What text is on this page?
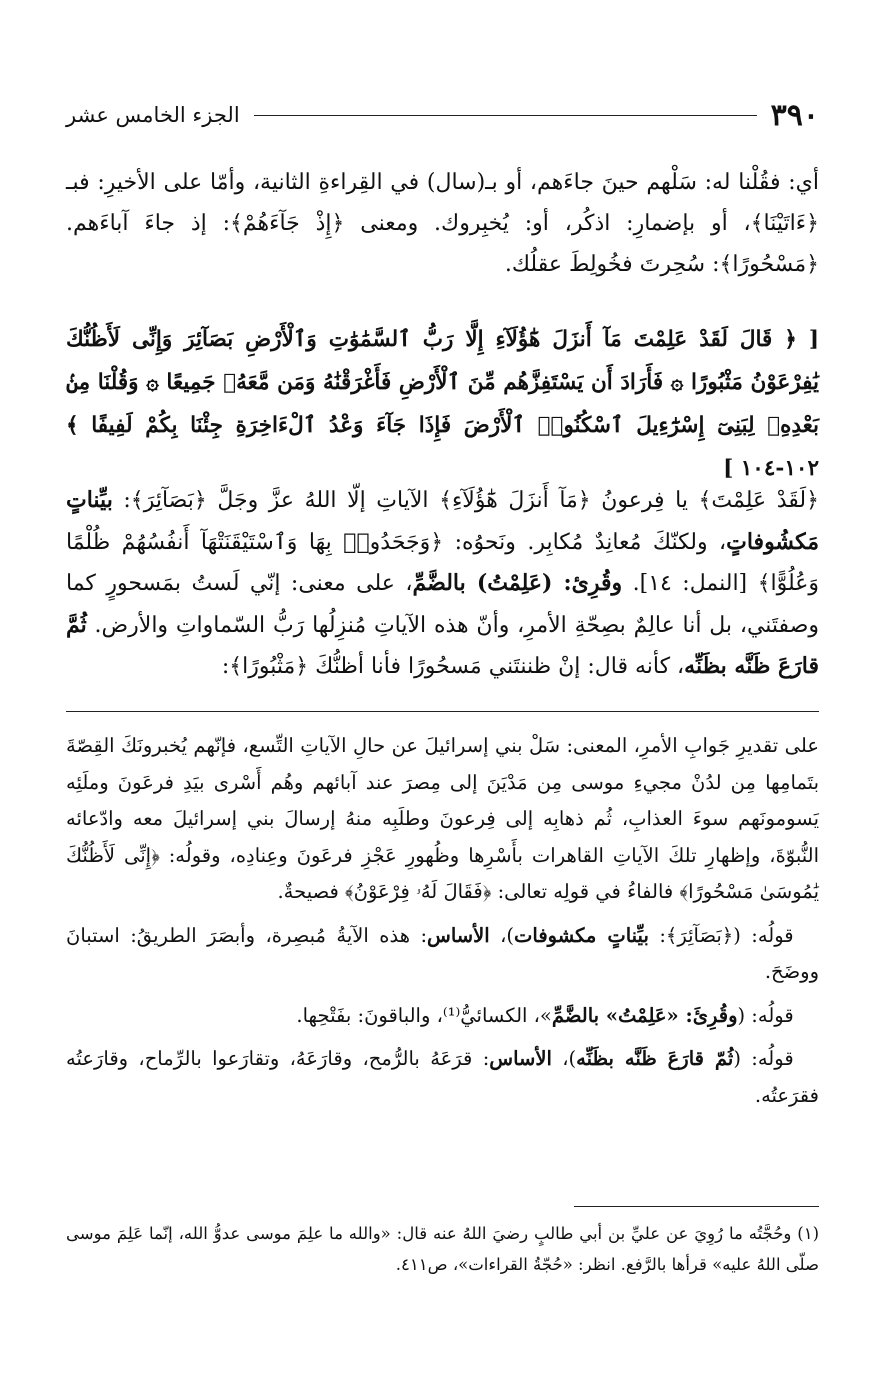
٣٩٠
الجزء الخامس عشر

أي: فقُلْنا له: سَلْهم حينَ جاءَهم، أو بـ(سال) في القِراءةِ الثانية، وأمّا على الأخيرِ: فبـ ﴿ءَاتَيْنَا﴾، أو بإضمارِ: اذكُر، أو: يُخبِروك. ومعنى ﴿إِذْ جَآءَهُمْ﴾: إذ جاءَ آباءَهم. ﴿مَسْحُورًا﴾: سُحِرتَ فخُولِطَ عقلُك.

[ ﴿ قَالَ لَقَدْ عَلِمْتَ مَآ أَنزَلَ هَٰٓؤُلَآءِ إِلَّا رَبُّ ٱلسَّمَٰوَٰتِ وَٱلْأَرْضِ بَصَآئِرَ وَإِنِّى لَأَظُنُّكَ يَٰفِرْعَوْنُ مَثْبُورًا ۞ فَأَرَادَ أَن يَسْتَفِزَّهُم مِّنَ ٱلْأَرْضِ فَأَغْرَقْنَٰهُ وَمَن مَّعَهُۥ جَمِيعًا ۞ وَقُلْنَا مِنۢ بَعْدِهِۦ لِبَنِىٓ إِسْرَٰٓءِيلَ ٱسْكُنُوا۟ ٱلْأَرْضَ فَإِذَا جَآءَ وَعْدُ ٱلْءَاخِرَةِ جِئْنَا بِكُمْ لَفِيفًا ﴾ ١٠٢-١٠٤ ]

﴿لَقَدْ عَلِمْتَ﴾ يا فِرعونُ ﴿مَآ أَنزَلَ هَٰٓؤُلَآءِ﴾ الآياتِ إلّا اللهُ عزَّ وجَلَّ ﴿بَصَآئِرَ﴾: بيِّناتٍ مَكشُوفاتٍ، ولكنّكَ مُعانِدٌ مُكابِر. ونَحوُه: ﴿وَجَحَدُوا۟ بِهَا وَٱسْتَيْقَنَتْهَآ أَنفُسُهُمْ ظُلْمًا وَعُلُوًّا﴾ [النمل: ١٤]. وقُرِئ: (عَلِمْتُ) بالضَّمِّ، على معنى: إنّي لَستُ بمَسحورٍ كما وصفتَني، بل أنا عالِمٌ بصِحّةِ الأمرِ، وأنّ هذه الآياتِ مُنزِلُها رَبُّ السّماواتِ والأرض. ثُمَّ قارَعَ ظَنَّه بظَنِّه، كأنه قال: إنْ ظننتَني مَسحُورًا فأنا أظنُّكَ ﴿مَثْبُورًا﴾:

على تقديرِ جَوابِ الأمرِ، المعنى: سَلْ بني إسرائيلَ عن حالِ الآياتِ التِّسع، فإنّهم يُخبرونَكَ القِصّةَ بتَمامِها مِن لدُنْ مجيءِ موسى مِن مَدْيَنَ إلى مِصرَ عند آبائهم وهُم أَسْرى بيَدِ فرعَونَ وملَئِه يَسومونَهم سوءَ العذابِ، ثُم ذهابِه إلى فِرعونَ وطلَبِه منهُ إرسالَ بني إسرائيلَ معه وادّعائه النُّبوّةَ، وإظهارِ تلكَ الآياتِ القاهرات بأَسْرِها وظُهورِ عَجْزِ فرعَونَ وعِنادِه، وقولُه: ﴿إِنِّى لَأَظُنُّكَ يَٰمُوسَىٰ مَسْحُورًا﴾ فالفاءُ في قولِه تعالى: ﴿فَقَالَ لَهُۥ فِرْعَوْنُ﴾ فصيحةٌ.

قولُه: (﴿بَصَآئِرَ﴾: بيِّناتٍ مكشوفات)، الأساس: هذه الآيةُ مُبصِرة، وأبصَرَ الطريقُ: استبانَ ووضَحَ.

قولُه: (وقُرِئَ: «عَلِمْتُ» بالضَّمِّ»، الكسائيُّ⁽¹⁾، والباقونَ: بفَتْحِها.

قولُه: (ثُمّ قارَعَ ظَنَّه بظَنِّه)، الأساس: قرَعَهُ بالرُّمح، وقارَعَهُ، وتقارَعوا بالرِّماح، وقارَعتُه فقرَعتُه.

(١) وحُجَّتُه ما رُوِيَ عن عليِّ بن أبي طالبٍ رضيَ اللهُ عنه قال: «والله ما علِمَ موسى عدوُّ الله، إنّما عَلِمَ موسى صلّى اللهُ عليه» قرأها بالرَّفع. انظر: «حُجّةُ القراءات»، ص٤١١.
